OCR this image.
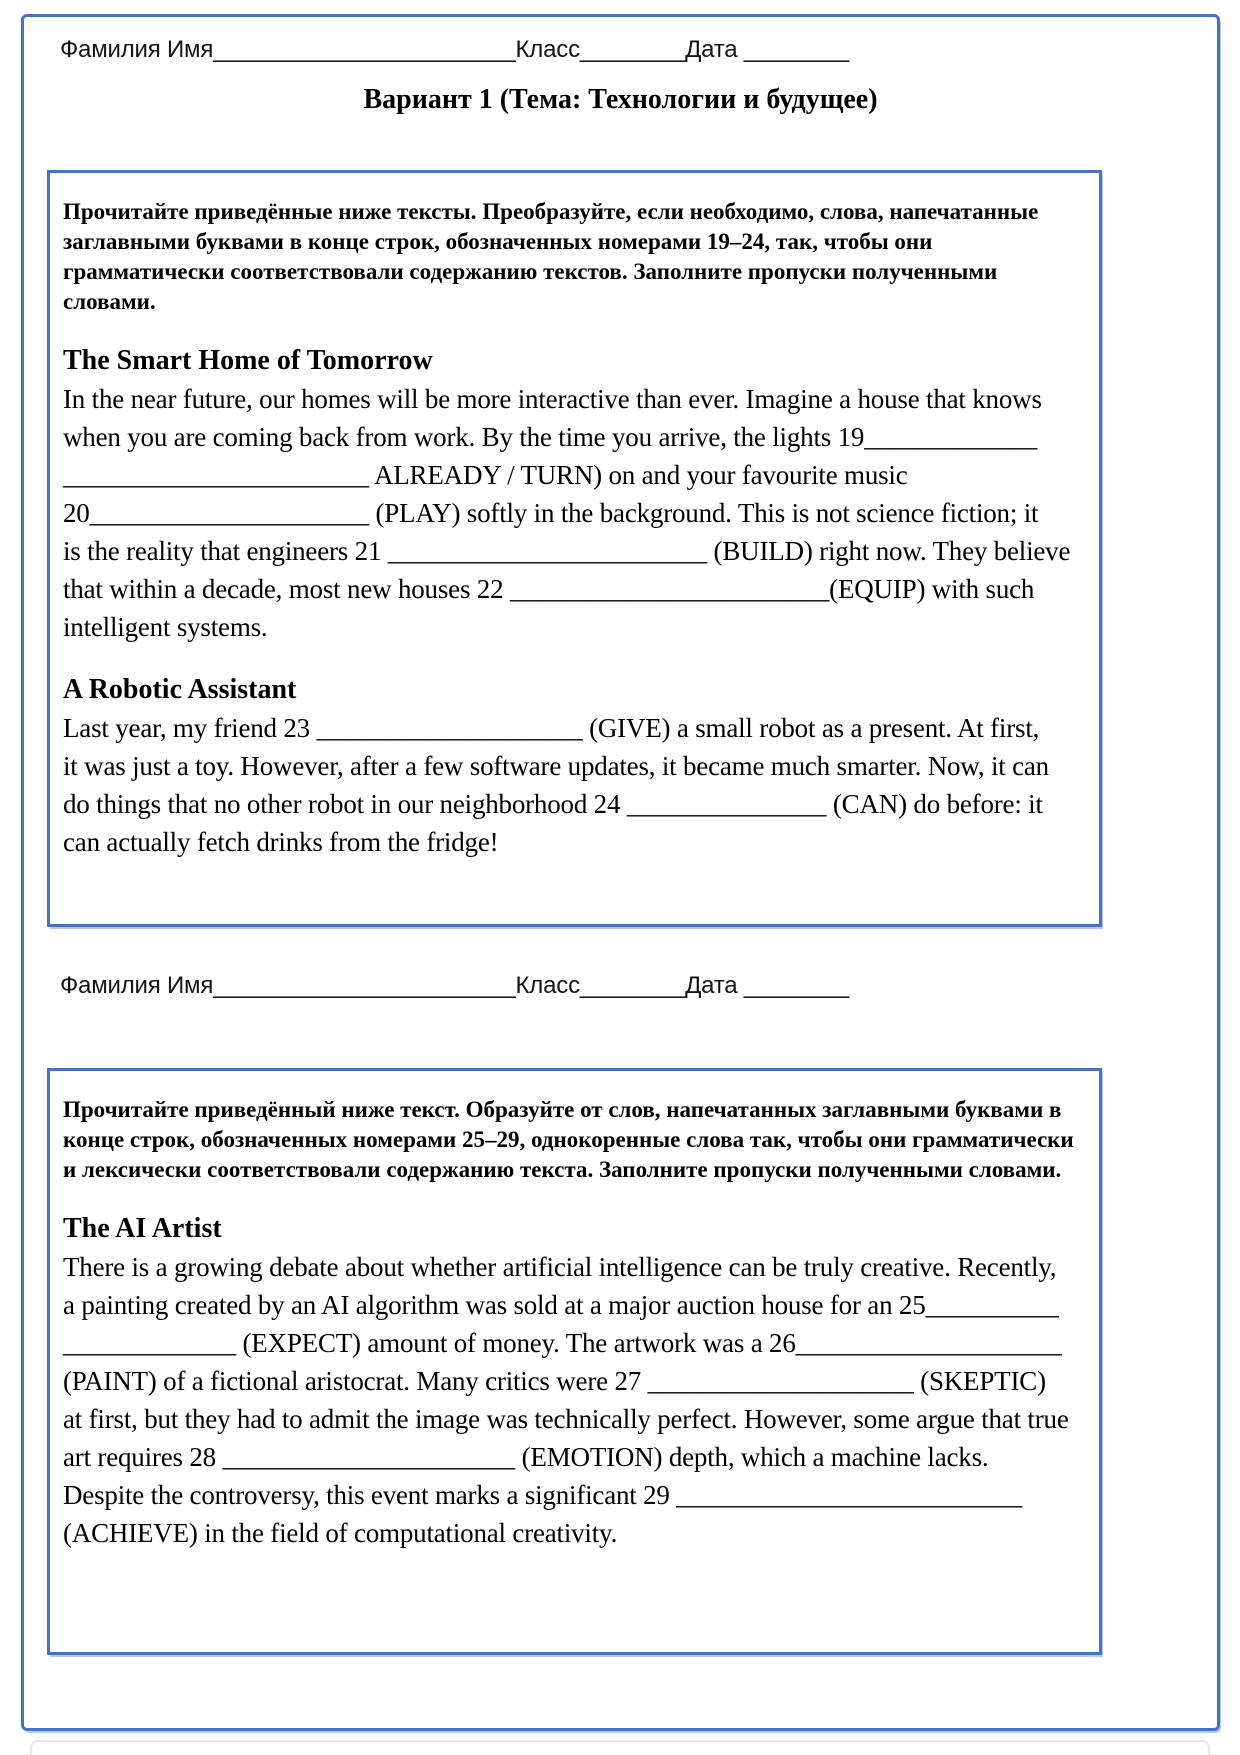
Фамилия Имя_______________________Класс________Дата ________
Вариант 1 (Тема: Технологии и будущее)
Прочитайте приведённые ниже тексты. Преобразуйте, если необходимо, слова, напечатанные
заглавными буквами в конце строк, обозначенных номерами 19–24, так, чтобы они
грамматически соответствовали содержанию текстов. Заполните пропуски полученными
словами.
The Smart Home of Tomorrow
In the near future, our homes will be more interactive than ever. Imagine a house that knows
when you are coming back from work. By the time you arrive, the lights 19_____________
_______________________ ALREADY / TURN) on and your favourite music
20_____________________ (PLAY) softly in the background. This is not science fiction; it
is the reality that engineers 21 ________________________ (BUILD) right now. They believe
that within a decade, most new houses 22 ________________________(EQUIP) with such
intelligent systems.
A Robotic Assistant
Last year, my friend 23 ____________________ (GIVE) a small robot as a present. At first,
it was just a toy. However, after a few software updates, it became much smarter. Now, it can
do things that no other robot in our neighborhood 24 _______________ (CAN) do before: it
can actually fetch drinks from the fridge!
Фамилия Имя_______________________Класс________Дата ________
Прочитайте приведённый ниже текст. Образуйте от слов, напечатанных заглавными буквами в
конце строк, обозначенных номерами 25–29, однокоренные слова так, чтобы они грамматически
и лексически соответствовали содержанию текста. Заполните пропуски полученными словами.
The AI Artist
There is a growing debate about whether artificial intelligence can be truly creative. Recently,
a painting created by an AI algorithm was sold at a major auction house for an 25__________
_____________ (EXPECT) amount of money. The artwork was a 26____________________
(PAINT) of a fictional aristocrat. Many critics were 27 ____________________ (SKEPTIC)
at first, but they had to admit the image was technically perfect. However, some argue that true
art requires 28 ______________________ (EMOTION) depth, which a machine lacks.
Despite the controversy, this event marks a significant 29 __________________________
(ACHIEVE) in the field of computational creativity.
